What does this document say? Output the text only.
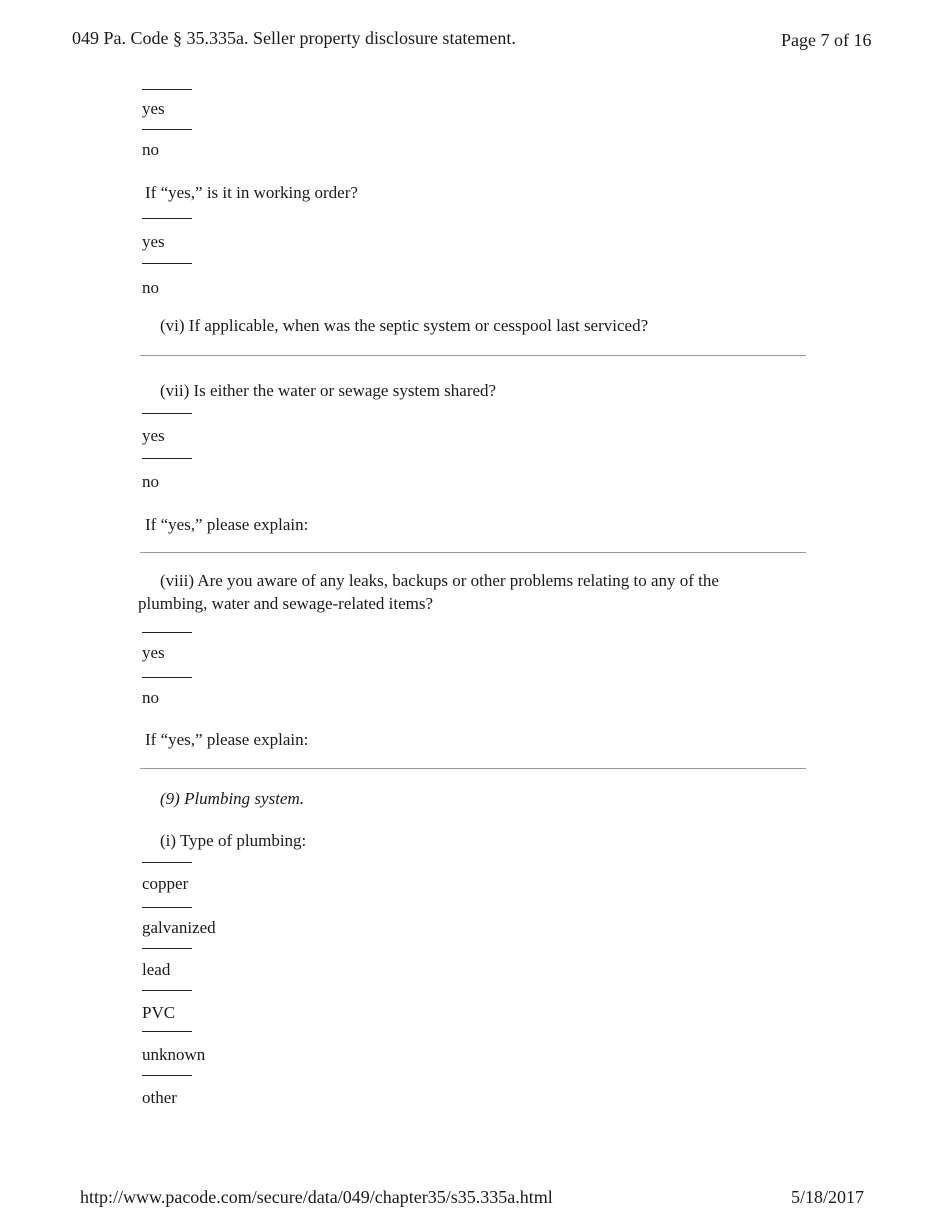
049 Pa. Code § 35.335a. Seller property disclosure statement.	Page 7 of 16
yes
no
If “yes,” is it in working order?
yes
no
(vi) If applicable, when was the septic system or cesspool last serviced?
(vii) Is either the water or sewage system shared?
yes
no
If “yes,” please explain:
(viii) Are you aware of any leaks, backups or other problems relating to any of the
plumbing, water and sewage-related items?
yes
no
If “yes,” please explain:
(9) Plumbing system.
(i) Type of plumbing:
copper
galvanized
lead
PVC
unknown
other
http://www.pacode.com/secure/data/049/chapter35/s35.335a.html	5/18/2017
